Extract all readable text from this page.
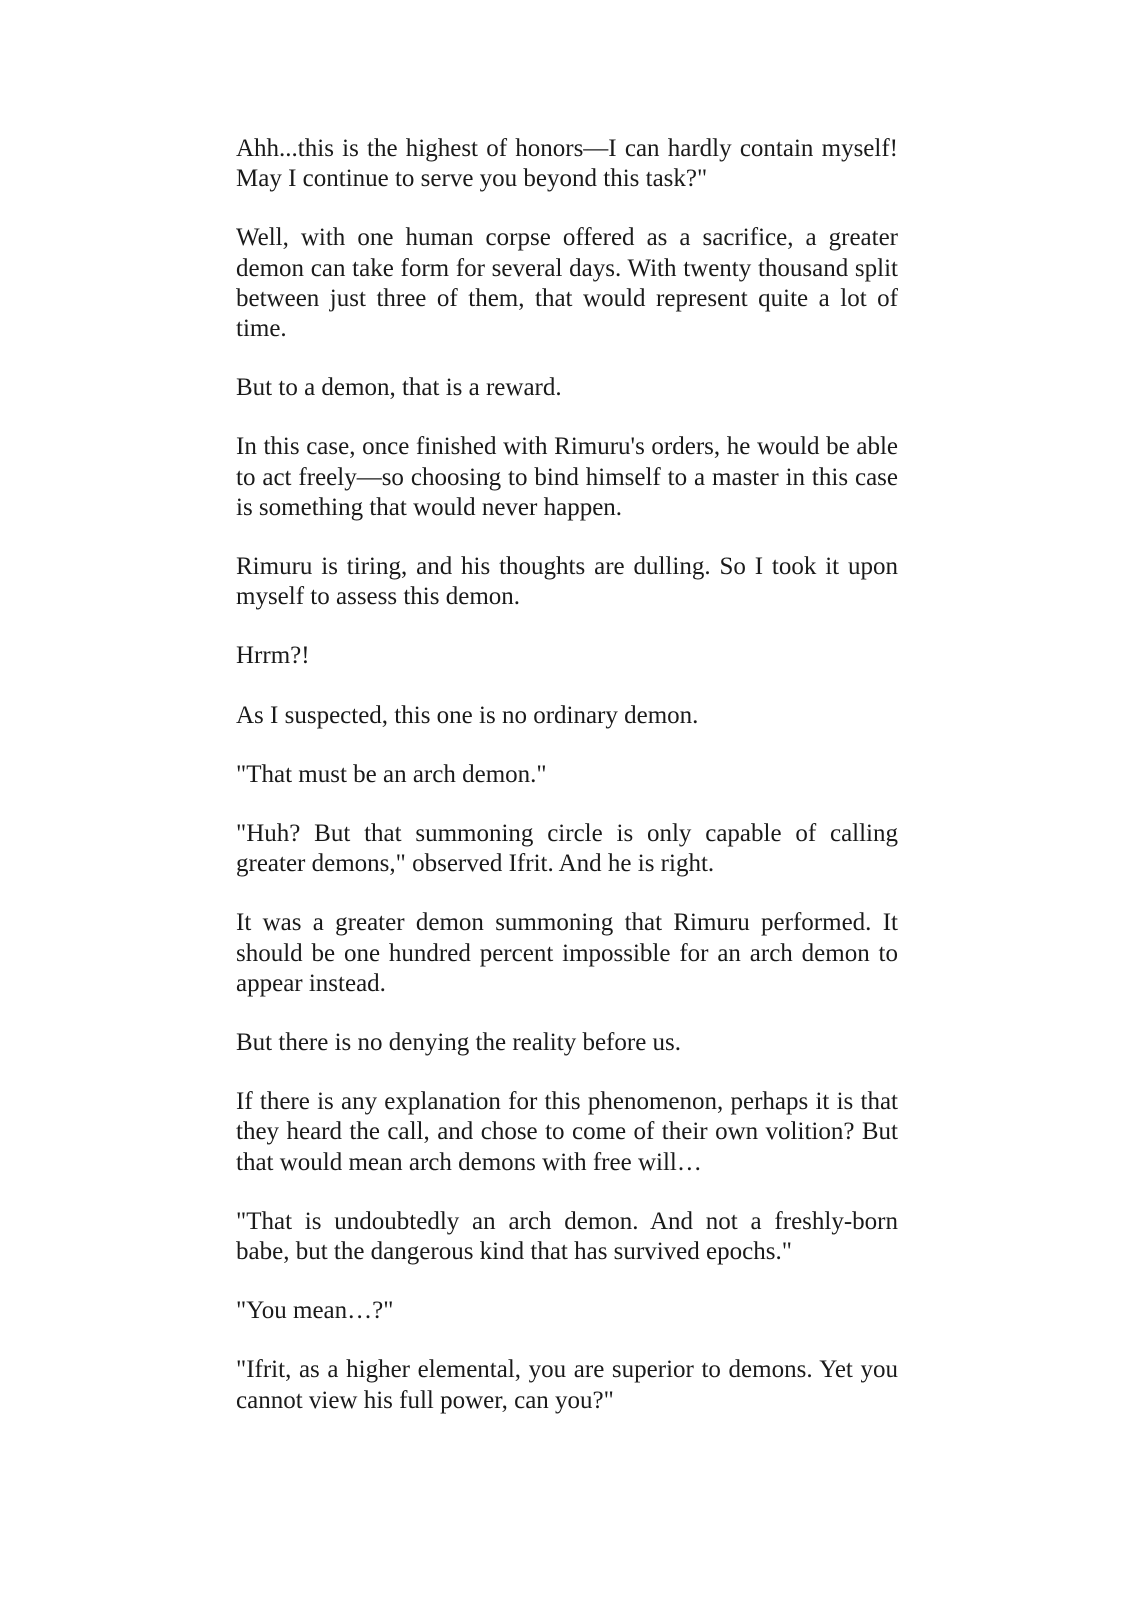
Ahh...this is the highest of honors—I can hardly contain myself! May I continue to serve you beyond this task?"

Well, with one human corpse offered as a sacrifice, a greater demon can take form for several days. With twenty thousand split between just three of them, that would represent quite a lot of time.

But to a demon, that is a reward.

In this case, once finished with Rimuru's orders, he would be able to act freely—so choosing to bind himself to a master in this case is something that would never happen.

Rimuru is tiring, and his thoughts are dulling. So I took it upon myself to assess this demon.

Hrrm?!

As I suspected, this one is no ordinary demon.

"That must be an arch demon."

"Huh? But that summoning circle is only capable of calling greater demons," observed Ifrit. And he is right.

It was a greater demon summoning that Rimuru performed. It should be one hundred percent impossible for an arch demon to appear instead.

But there is no denying the reality before us.

If there is any explanation for this phenomenon, perhaps it is that they heard the call, and chose to come of their own volition? But that would mean arch demons with free will…

"That is undoubtedly an arch demon. And not a freshly-born babe, but the dangerous kind that has survived epochs."

"You mean…?"

"Ifrit, as a higher elemental, you are superior to demons. Yet you cannot view his full power, can you?"
